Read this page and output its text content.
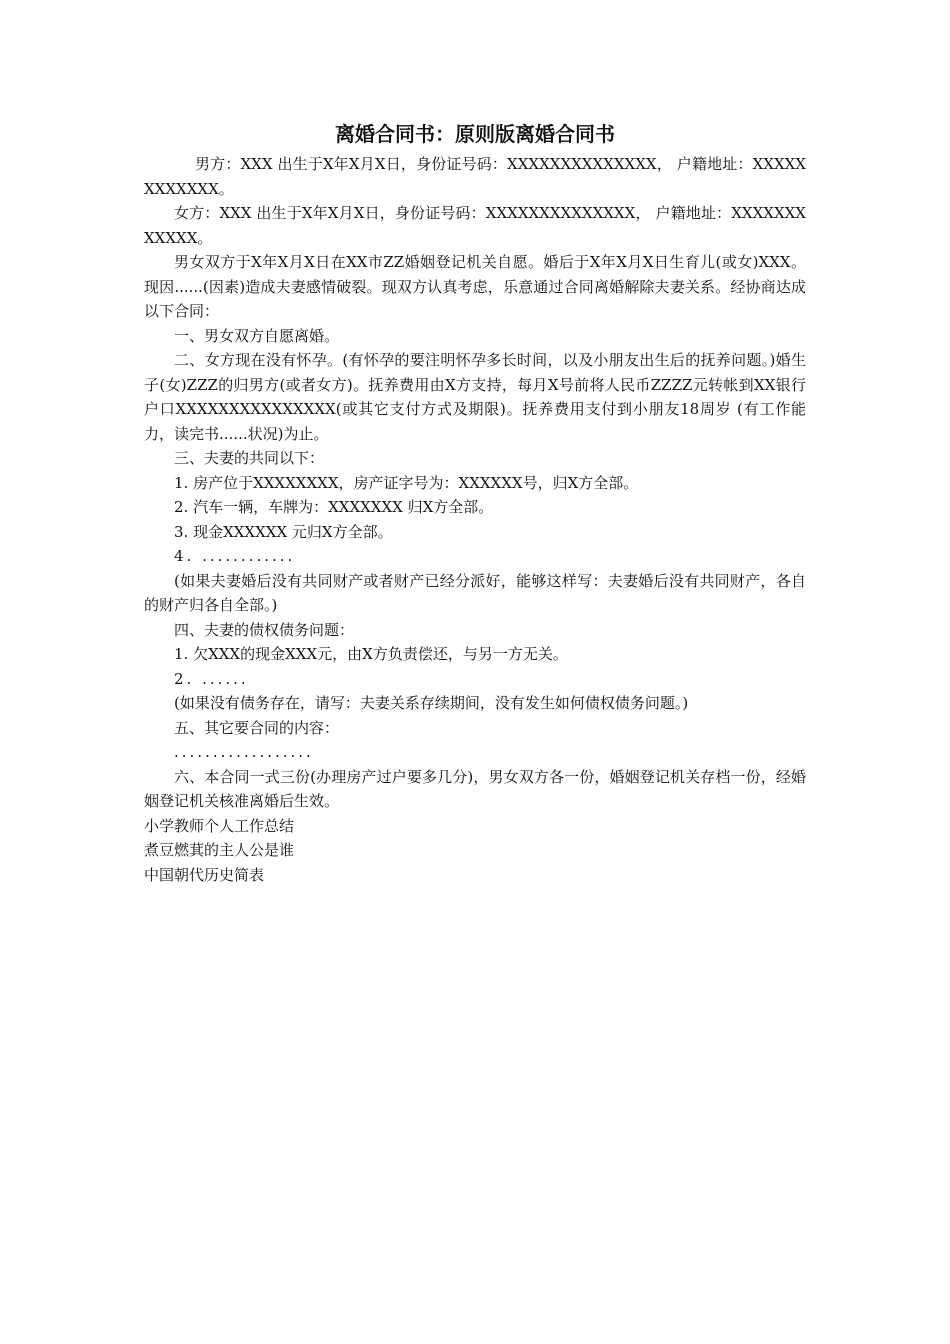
离婚合同书：原则版离婚合同书

男方：XXX 出生于X年X月X日，身份证号码：XXXXXXXXXXXXXX， 户籍地址：XXXXXXXXXXXX。

女方：XXX 出生于X年X月X日，身份证号码：XXXXXXXXXXXXXX， 户籍地址：XXXXXXXXXXXX。

男女双方于X年X月X日在XX市ZZ婚姻登记机关自愿。婚后于X年X月X日生育儿(或女)XXX。 现因......(因素)造成夫妻感情破裂。现双方认真考虑，乐意通过合同离婚解除夫妻关系。经协商达成以下合同：

一、男女双方自愿离婚。

二、女方现在没有怀孕。(有怀孕的要注明怀孕多长时间，以及小朋友出生后的抚养问题。)婚生子(女)ZZZ的归男方(或者女方)。抚养费用由X方支持，每月X号前将人民币ZZZZ元转帐到XX银行户口XXXXXXXXXXXXXXX(或其它支付方式及期限)。抚养费用支付到小朋友18周岁 (有工作能力，读完书......状况)为止。

三、夫妻的共同以下：

1. 房产位于XXXXXXXX，房产证字号为：XXXXXX号，归X方全部。

2. 汽车一辆，车牌为：XXXXXXX 归X方全部。

3. 现金XXXXXX 元归X方全部。

4. ............

(如果夫妻婚后没有共同财产或者财产已经分派好，能够这样写：夫妻婚后没有共同财产，各自的财产归各自全部。)

四、夫妻的债权债务问题：

1. 欠XXX的现金XXX元，由X方负责偿还，与另一方无关。

2. ......

(如果没有债务存在，请写：夫妻关系存续期间，没有发生如何债权债务问题。)

五、其它要合同的内容：

..................

六、本合同一式三份(办理房产过户要多几分)，男女双方各一份，婚姻登记机关存档一份，经婚姻登记机关核准离婚后生效。

小学教师个人工作总结

煮豆燃萁的主人公是谁

中国朝代历史简表
